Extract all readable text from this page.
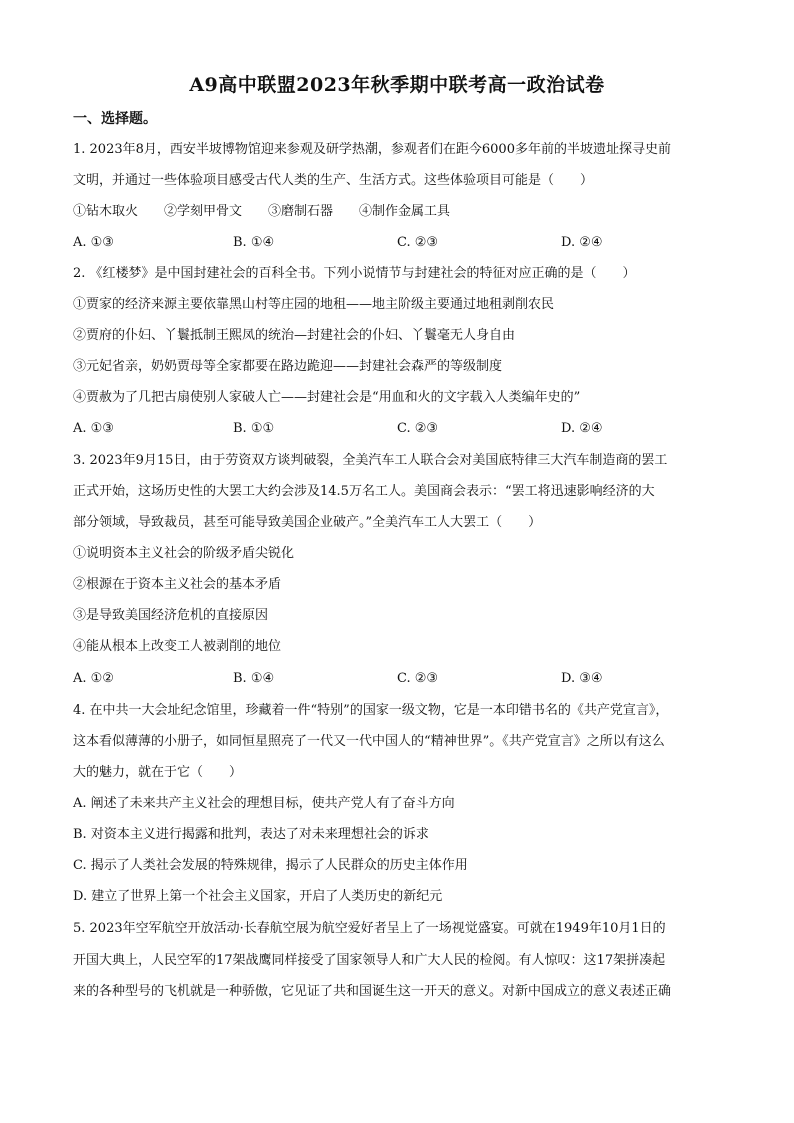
A9高中联盟2023年秋季期中联考高一政治试卷
一、选择题。
1. 2023年8月，西安半坡博物馆迎来参观及研学热潮，参观者们在距今6000多年前的半坡遗址探寻史前
文明，并通过一些体验项目感受古代人类的生产、生活方式。这些体验项目可能是（　　）
①钻木取火　　②学刻甲骨文　　③磨制石器　　④制作金属工具
A. ①③	B. ①④	C. ②③	D. ②④
2. 《红楼梦》是中国封建社会的百科全书。下列小说情节与封建社会的特征对应正确的是（　　）
①贾家的经济来源主要依靠黑山村等庄园的地租——地主阶级主要通过地租剥削农民
②贾府的仆妇、丫鬟抵制王熙凤的统治—封建社会的仆妇、丫鬟毫无人身自由
③元妃省亲，奶奶贾母等全家都要在路边跪迎——封建社会森严的等级制度
④贾赦为了几把古扇使别人家破人亡——封建社会是“用血和火的文字载入人类编年史的”
A. ①③	B. ①①	C. ②③	D. ②④
3. 2023年9月15日，由于劳资双方谈判破裂，全美汽车工人联合会对美国底特律三大汽车制造商的罢工
正式开始，这场历史性的大罢工大约会涉及14.5万名工人。美国商会表示：“罢工将迅速影响经济的大
部分领域，导致裁员，甚至可能导致美国企业破产。”全美汽车工人大罢工（　　）
①说明资本主义社会的阶级矛盾尖锐化
②根源在于资本主义社会的基本矛盾
③是导致美国经济危机的直接原因
④能从根本上改变工人被剥削的地位
A. ①②	B. ①④	C. ②③	D. ③④
4. 在中共一大会址纪念馆里，珍藏着一件“特别”的国家一级文物，它是一本印错书名的《共产党宣言》，
这本看似薄薄的小册子，如同恒星照亮了一代又一代中国人的“精神世界”。《共产党宣言》之所以有这么
大的魅力，就在于它（　　）
A. 阐述了未来共产主义社会的理想目标，使共产党人有了奋斗方向
B. 对资本主义进行揭露和批判，表达了对未来理想社会的诉求
C. 揭示了人类社会发展的特殊规律，揭示了人民群众的历史主体作用
D. 建立了世界上第一个社会主义国家，开启了人类历史的新纪元
5. 2023年空军航空开放活动·长春航空展为航空爱好者呈上了一场视觉盛宴。可就在1949年10月1日的
开国大典上，人民空军的17架战鹰同样接受了国家领导人和广大人民的检阅。有人惊叹：这17架拼凑起
来的各种型号的飞机就是一种骄傲，它见证了共和国诞生这一开天的意义。对新中国成立的意义表述正确
